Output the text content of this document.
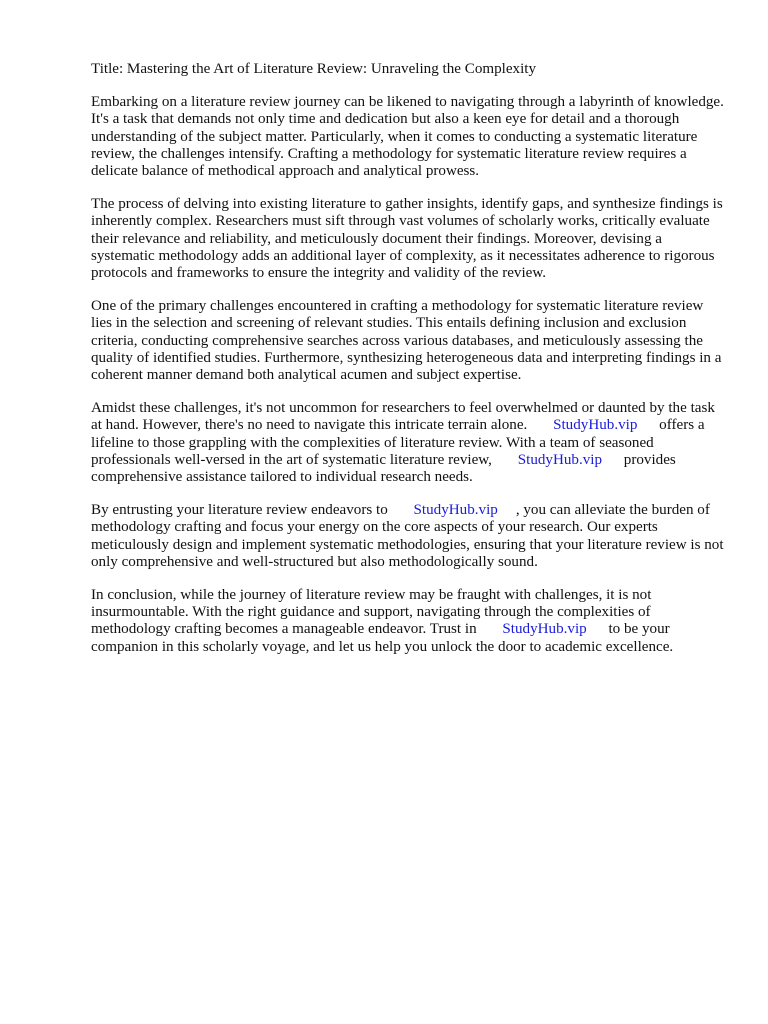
Title: Mastering the Art of Literature Review: Unraveling the Complexity

Embarking on a literature review journey can be likened to navigating through a labyrinth of knowledge. It's a task that demands not only time and dedication but also a keen eye for detail and a thorough understanding of the subject matter. Particularly, when it comes to conducting a systematic literature review, the challenges intensify. Crafting a methodology for systematic literature review requires a delicate balance of methodical approach and analytical prowess.

The process of delving into existing literature to gather insights, identify gaps, and synthesize findings is inherently complex. Researchers must sift through vast volumes of scholarly works, critically evaluate their relevance and reliability, and meticulously document their findings. Moreover, devising a systematic methodology adds an additional layer of complexity, as it necessitates adherence to rigorous protocols and frameworks to ensure the integrity and validity of the review.

One of the primary challenges encountered in crafting a methodology for systematic literature review lies in the selection and screening of relevant studies. This entails defining inclusion and exclusion criteria, conducting comprehensive searches across various databases, and meticulously assessing the quality of identified studies. Furthermore, synthesizing heterogeneous data and interpreting findings in a coherent manner demand both analytical acumen and subject expertise.

Amidst these challenges, it's not uncommon for researchers to feel overwhelmed or daunted by the task at hand. However, there's no need to navigate this intricate terrain alone. StudyHub.vip offers a lifeline to those grappling with the complexities of literature review. With a team of seasoned professionals well-versed in the art of systematic literature review, StudyHub.vip provides comprehensive assistance tailored to individual research needs.

By entrusting your literature review endeavors to StudyHub.vip , you can alleviate the burden of methodology crafting and focus your energy on the core aspects of your research. Our experts meticulously design and implement systematic methodologies, ensuring that your literature review is not only comprehensive and well-structured but also methodologically sound.

In conclusion, while the journey of literature review may be fraught with challenges, it is not insurmountable. With the right guidance and support, navigating through the complexities of methodology crafting becomes a manageable endeavor. Trust in StudyHub.vip to be your companion in this scholarly voyage, and let us help you unlock the door to academic excellence.
